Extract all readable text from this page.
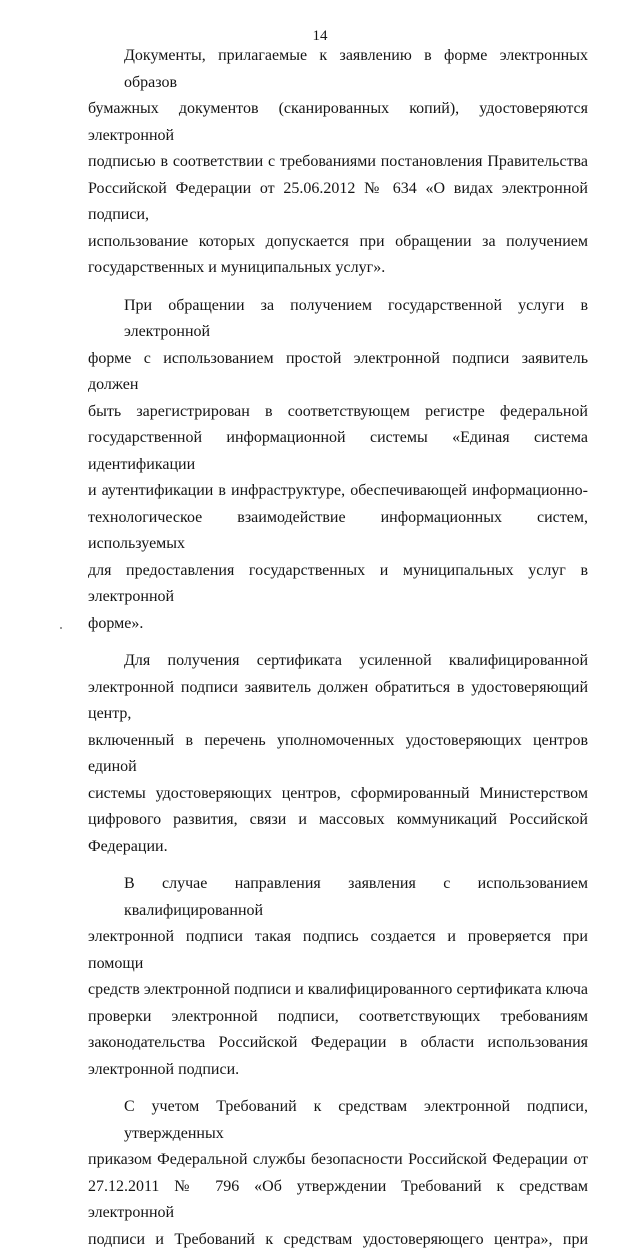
14
Документы, прилагаемые к заявлению в форме электронных образов
бумажных документов (сканированных копий), удостоверяются электронной
подписью в соответствии с требованиями постановления Правительства
Российской Федерации от 25.06.2012 № 634 «О видах электронной подписи,
использование которых допускается при обращении за получением
государственных и муниципальных услуг».
При обращении за получением государственной услуги в электронной
форме с использованием простой электронной подписи заявитель должен
быть зарегистрирован в соответствующем регистре федеральной
государственной информационной системы «Единая система идентификации
и аутентификации в инфраструктуре, обеспечивающей информационно-
технологическое взаимодействие информационных систем, используемых
для предоставления государственных и муниципальных услуг в электронной
форме».
Для получения сертификата усиленной квалифицированной
электронной подписи заявитель должен обратиться в удостоверяющий центр,
включенный в перечень уполномоченных удостоверяющих центров единой
системы удостоверяющих центров, сформированный Министерством
цифрового развития, связи и массовых коммуникаций Российской
Федерации.
В случае направления заявления с использованием квалифицированной
электронной подписи такая подпись создается и проверяется при помощи
средств электронной подписи и квалифицированного сертификата ключа
проверки электронной подписи, соответствующих требованиям
законодательства Российской Федерации в области использования
электронной подписи.
С учетом Требований к средствам электронной подписи, утвержденных
приказом Федеральной службы безопасности Российской Федерации от
27.12.2011 № 796 «Об утверждении Требований к средствам электронной
подписи и Требований к средствам удостоверяющего центра», при
